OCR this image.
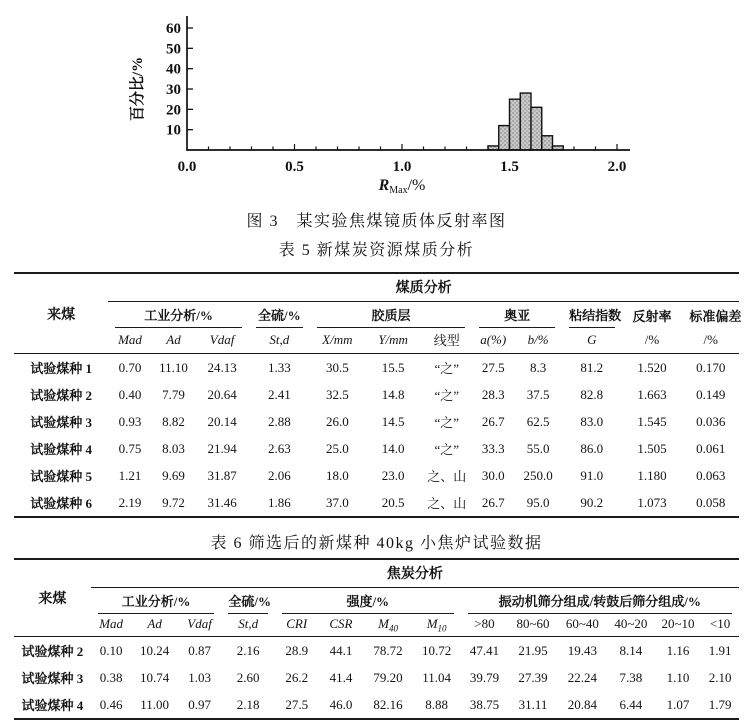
10
20
30
40
50
60
0.0	0.5	1.0	1.5	2.0
百分比/%
RMax/%
图 3　某实验焦煤镜质体反射率图
表 5 新煤炭资源煤质分析
来煤	煤质分析											

	工业分析/%			全硫/%	胶质层			奥亚		粘结指数	反射率	标准偏差

	Mad	Ad	Vdaf	St,d	X/mm	Y/mm	线型	a(%)	b/%	G	/%	/%
试验煤种 1	0.70	11.10	24.13	1.33	30.5	15.5	“之”	27.5	8.3	81.2	1.520	0.170
试验煤种 2	0.40	7.79	20.64	2.41	32.5	14.8	“之”	28.3	37.5	82.8	1.663	0.149
试验煤种 3	0.93	8.82	20.14	2.88	26.0	14.5	“之”	26.7	62.5	83.0	1.545	0.036
试验煤种 4	0.75	8.03	21.94	2.63	25.0	14.0	“之”	33.3	55.0	86.0	1.505	0.061
试验煤种 5	1.21	9.69	31.87	2.06	18.0	23.0	之、山	30.0	250.0	91.0	1.180	0.063
试验煤种 6	2.19	9.72	31.46	1.86	37.0	20.5	之、山	26.7	95.0	90.2	1.073	0.058
表 6 筛选后的新煤种 40kg 小焦炉试验数据
来煤	焦炭分析													

	工业分析/%			全硫/%	强度/%				振动机筛分组成/转鼓后筛分组成/%					

	Mad	Ad	Vdaf	St,d	CRI	CSR	$M_{40}$	$M_{10}$	>80	80~60	60~40	40~20	20~10	<10
试验煤种 2	0.10	10.24	0.87	2.16	28.9	44.1	78.72	10.72	47.41	21.95	19.43	8.14	1.16	1.91
试验煤种 3	0.38	10.74	1.03	2.60	26.2	41.4	79.20	11.04	39.79	27.39	22.24	7.38	1.10	2.10
试验煤种 4	0.46	11.00	0.97	2.18	27.5	46.0	82.16	8.88	38.75	31.11	20.84	6.44	1.07	1.79
